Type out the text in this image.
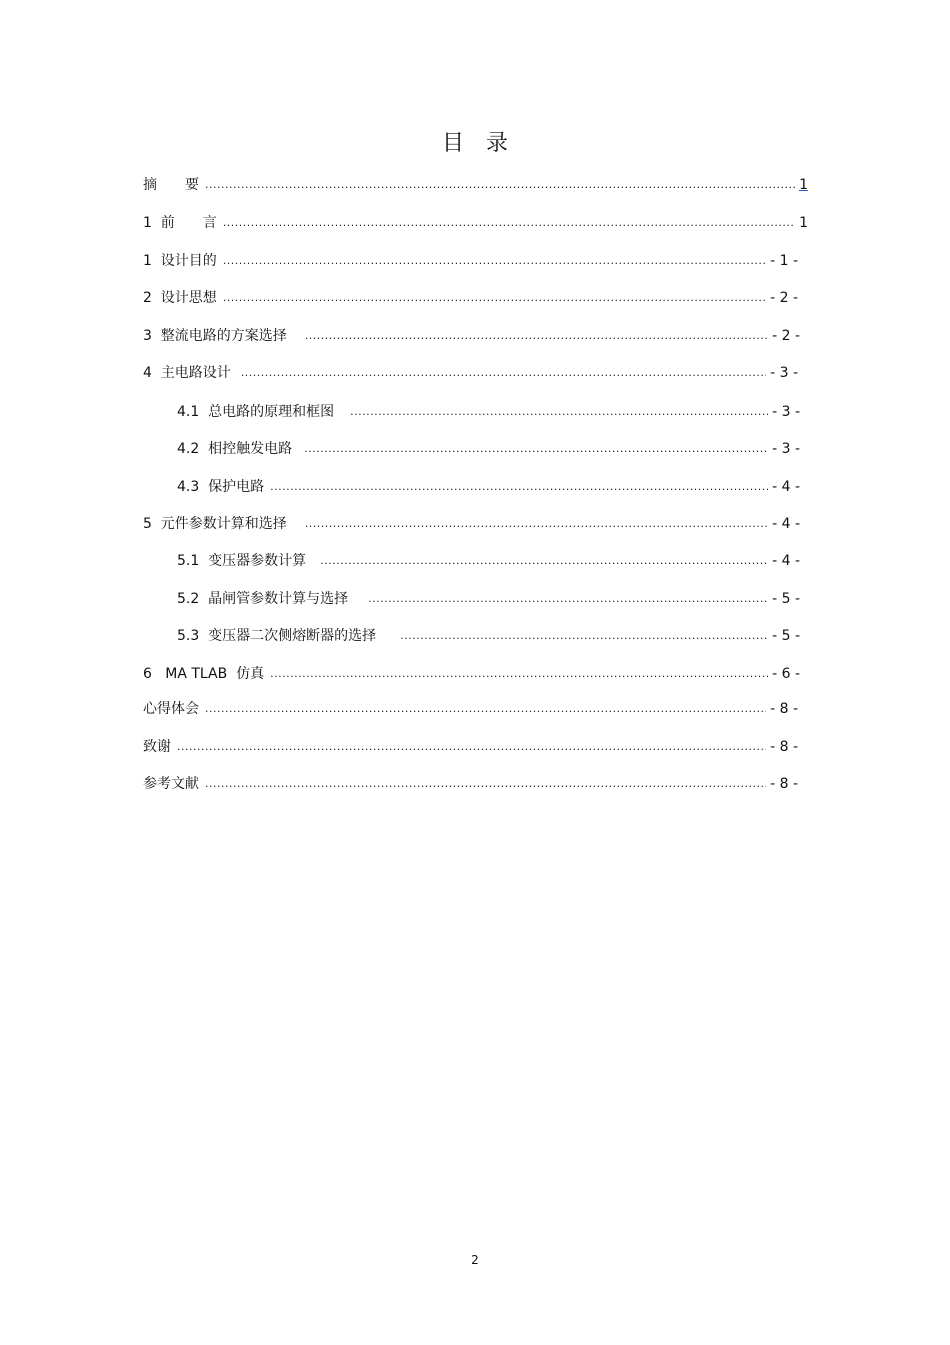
目　录
摘　　要 .....	1
1  前　　言 .....	1
1  设计目的 .....	- 1 -
2  设计思想 .....	- 2 -
3  整流电路的方案选择 .....	- 2 -
4  主电路设计 .....	- 3 -
4.1  总电路的原理和框图 .....	- 3 -
4.2  相控触发电路 .....	- 3 -
4.3  保护电路 .....	- 4 -
5  元件参数计算和选择 .....	- 4 -
5.1  变压器参数计算 .....	- 4 -
5.2  晶闸管参数计算与选择 .....	- 5 -
5.3  变压器二次侧熔断器的选择 .....	- 5 -
6   MA TLAB  仿真 .....	- 6 -
心得体会 .....	- 8 -
致谢 .....	- 8 -
参考文献 .....	- 8 -
2
